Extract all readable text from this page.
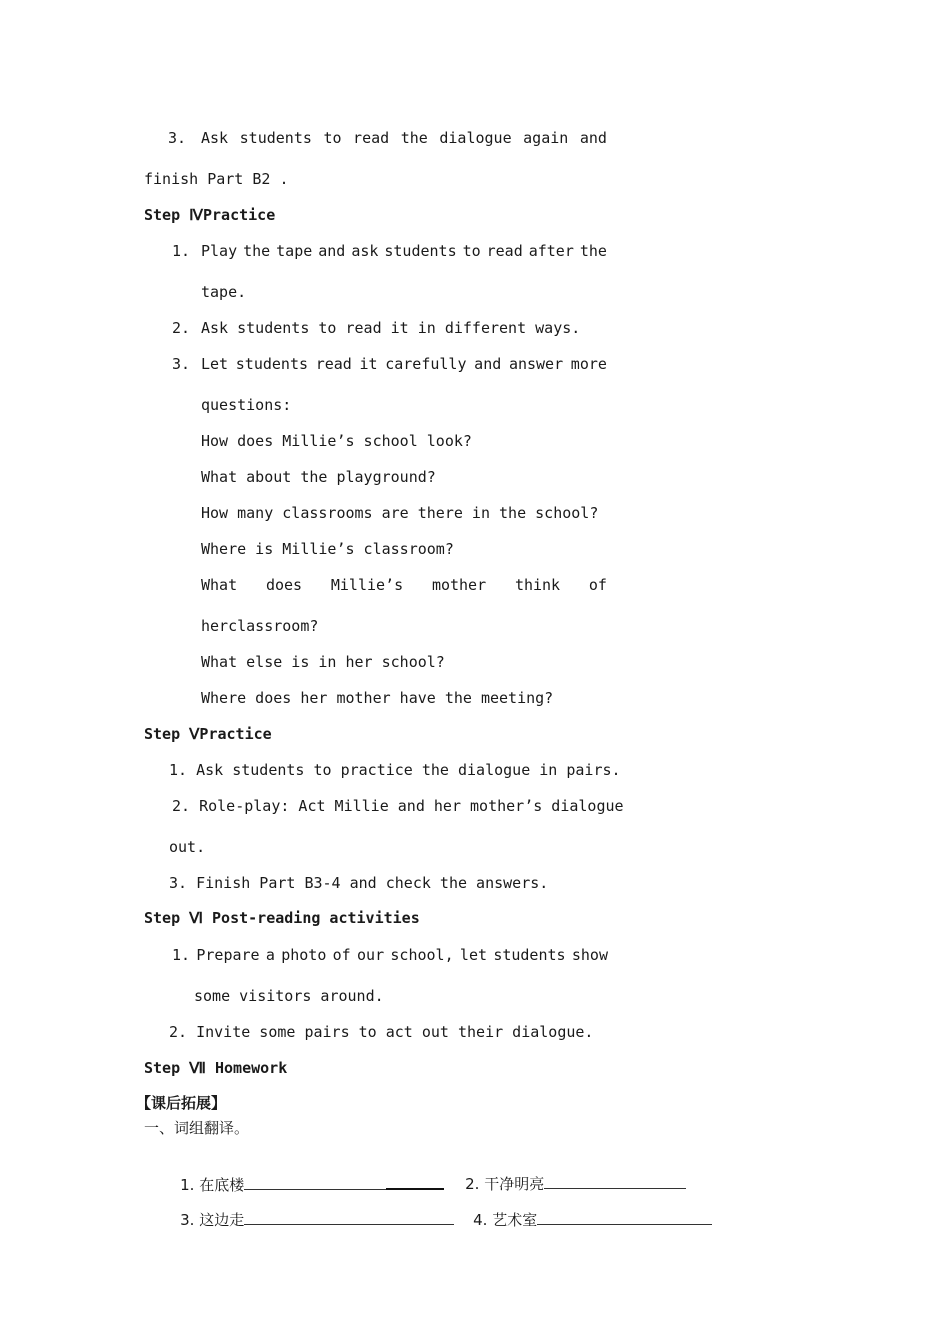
3. Ask students to read the dialogue again and
finish Part B2 .
Step ⅣPractice
1. Play the tape and ask students to read after the
tape.
2. Ask students to read it in different ways.
3. Let students read it carefully and answer more
questions:
How does Millie’s school look?
What about the playground?
How many classrooms are there in the school?
Where is Millie’s classroom?
What does Millie’s mother think of
herclassroom?
What else is in her school?
Where does her mother have the meeting?
Step ⅤPractice
1. Ask students to practice the dialogue in pairs.
2. Role-play: Act Millie and her mother’s dialogue
out.
3. Finish Part B3-4 and check the answers.
Step Ⅵ Post-reading activities
1. Prepare a photo of our school, let students show
some visitors around.
2. Invite some pairs to act out their dialogue.
Step Ⅶ Homework
【课后拓展】
一、词组翻译。

1. 在底楼
	2. 干净明亮

3. 这边走
	4. 艺术室
